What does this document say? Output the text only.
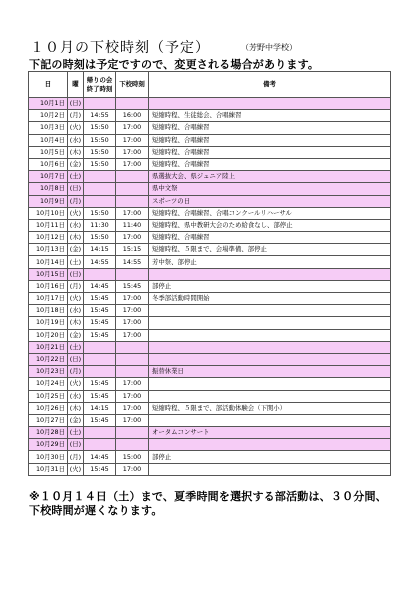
１０月の下校時刻（予定）	（芳野中学校）
下記の時刻は予定ですので、変更される場合があります。
日	曜	帰りの会
終了時刻	下校時刻	備考
10月1日	(日)			
10月2日	(月)	14:55	16:00	短縮時程、生徒総会、合唱練習
10月3日	(火)	15:50	17:00	短縮時程、合唱練習
10月4日	(水)	15:50	17:00	短縮時程、合唱練習
10月5日	(木)	15:50	17:00	短縮時程、合唱練習
10月6日	(金)	15:50	17:00	短縮時程、合唱練習
10月7日	(土)			県選抜大会、県ジュニア陸上
10月8日	(日)			県中文祭
10月9日	(月)			スポーツの日
10月10日	(火)	15:50	17:00	短縮時程、合唱練習、合唱コンクールリハーサル
10月11日	(水)	11:30	11:40	短縮時程、県中教研大会のため給食なし、部停止
10月12日	(木)	15:50	17:00	短縮時程、合唱練習
10月13日	(金)	14:15	15:15	短縮時程、５限まで、会場準備、部停止
10月14日	(土)	14:55	14:55	芳中祭、部停止
10月15日	(日)			
10月16日	(月)	14:45	15:45	部停止
10月17日	(火)	15:45	17:00	冬季部活動時間開始
10月18日	(水)	15:45	17:00	
10月19日	(木)	15:45	17:00	
10月20日	(金)	15:45	17:00	
10月21日	(土)			
10月22日	(日)			
10月23日	(月)			振替休業日
10月24日	(火)	15:45	17:00	
10月25日	(水)	15:45	17:00	
10月26日	(木)	14:15	17:00	短縮時程、５限まで、部活動体験会（下関小）
10月27日	(金)	15:45	17:00	
10月28日	(土)			オータムコンサート
10月29日	(日)			
10月30日	(月)	14:45	15:00	部停止
10月31日	(火)	15:45	17:00	
※１０月１４日（土）まで、夏季時間を選択する部活動は、３０分間、
下校時間が遅くなります。
